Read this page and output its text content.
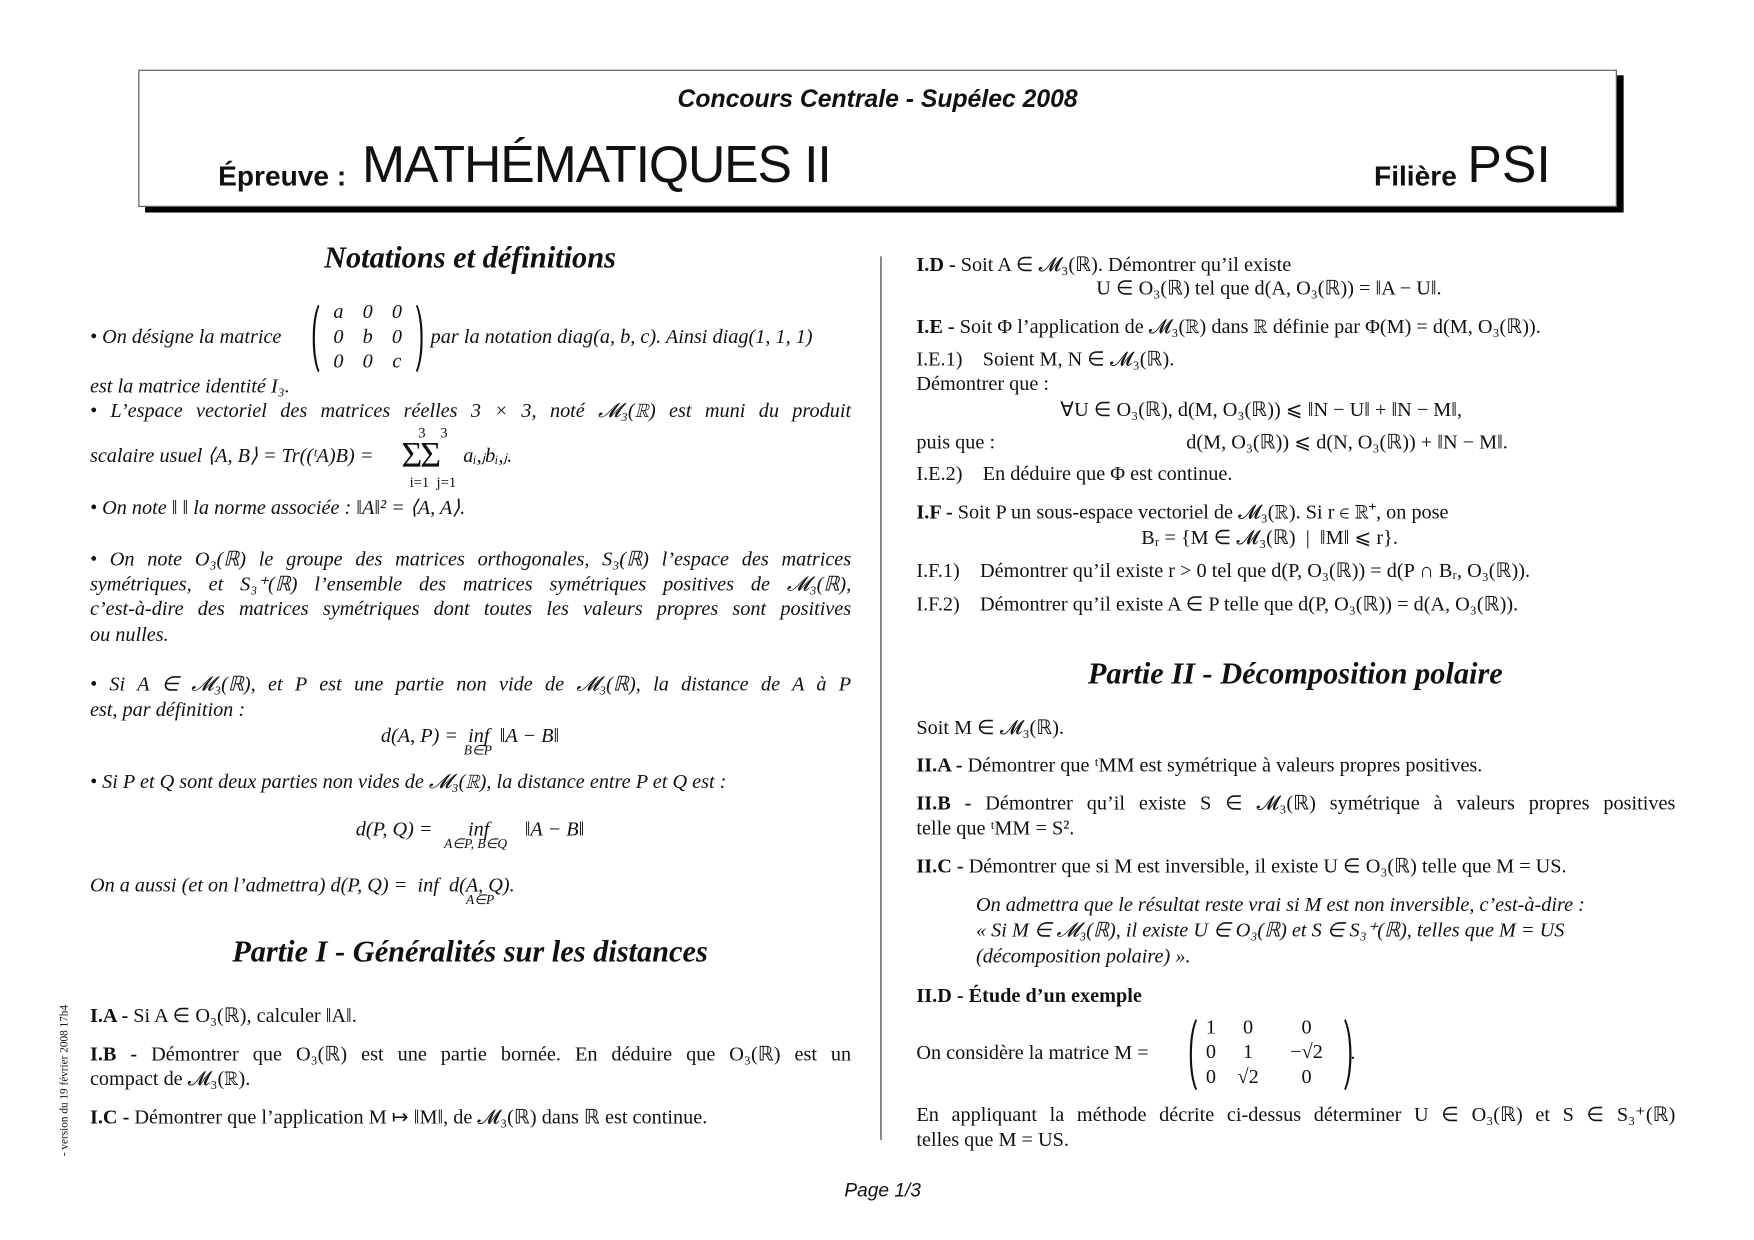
Concours Centrale - Supélec 2008
Épreuve : MATHÉMATIQUES II	Filière PSI
Notations et définitions
• On désigne la matrice
a	0	0
0	b	0
0	0	c
par la notation diag(a, b, c). Ainsi diag(1, 1, 1)
est la matrice identité I₃.
• L’espace vectoriel des matrices réelles 3 × 3, noté 𝓜₃(ℝ) est muni du produit
scalaire usuel ⟨A, B⟩ = Tr((ᵗA)B) =
3    3
ΣΣ
i=1  j=1
aᵢ,ⱼbᵢ,ⱼ.
• On note ‖ ‖ la norme associée : ‖A‖² = ⟨A, A⟩.
• On note O₃(ℝ) le groupe des matrices orthogonales, S₃(ℝ) l’espace des matrices
symétriques, et S₃⁺(ℝ) l’ensemble des matrices symétriques positives de 𝓜₃(ℝ),
c’est-à-dire des matrices symétriques dont toutes les valeurs propres sont positives
ou nulles.
• Si A ∈ 𝓜₃(ℝ), et P est une partie non vide de 𝓜₃(ℝ), la distance de A à P
est, par définition :
d(A, P) =  inf  ‖A − B‖
B∈P
• Si P et Q sont deux parties non vides de 𝓜₃(ℝ), la distance entre P et Q est :
d(P, Q) =       inf       ‖A − B‖
A∈P, B∈Q
On a aussi (et on l’admettra) d(P, Q) =  inf  d(A, Q).
A∈P
Partie I - Généralités sur les distances
I.A - Si A ∈ O₃(ℝ), calculer ‖A‖.
I.B - Démontrer que O₃(ℝ) est une partie bornée. En déduire que O₃(ℝ) est un
compact de 𝓜₃(ℝ).
I.C - Démontrer que l’application M ↦ ‖M‖, de 𝓜₃(ℝ) dans ℝ est continue.
- version du 19 février 2008 17h4
I.D - Soit A ∈ 𝓜₃(ℝ). Démontrer qu’il existe
U ∈ O₃(ℝ) tel que d(A, O₃(ℝ)) = ‖A − U‖.
I.E - Soit Φ l’application de 𝓜₃(ℝ) dans ℝ définie par Φ(M) = d(M, O₃(ℝ)).
I.E.1)    Soient M, N ∈ 𝓜₃(ℝ).
Démontrer que :
∀U ∈ O₃(ℝ), d(M, O₃(ℝ)) ⩽ ‖N − U‖ + ‖N − M‖,
puis que :	d(M, O₃(ℝ)) ⩽ d(N, O₃(ℝ)) + ‖N − M‖.
I.E.2)    En déduire que Φ est continue.
I.F - Soit P un sous-espace vectoriel de 𝓜₃(ℝ). Si r ∈ ℝ⁺, on pose
Bᵣ = {M ∈ 𝓜₃(ℝ)  |  ‖M‖ ⩽ r}.
I.F.1)    Démontrer qu’il existe r > 0 tel que d(P, O₃(ℝ)) = d(P ∩ Bᵣ, O₃(ℝ)).
I.F.2)    Démontrer qu’il existe A ∈ P telle que d(P, O₃(ℝ)) = d(A, O₃(ℝ)).
Partie II - Décomposition polaire
Soit M ∈ 𝓜₃(ℝ).
II.A - Démontrer que ᵗMM est symétrique à valeurs propres positives.
II.B - Démontrer qu’il existe S ∈ 𝓜₃(ℝ) symétrique à valeurs propres positives
telle que ᵗMM = S².
II.C - Démontrer que si M est inversible, il existe U ∈ O₃(ℝ) telle que M = US.
On admettra que le résultat reste vrai si M est non inversible, c’est-à-dire :
« Si M ∈ 𝓜₃(ℝ), il existe U ∈ O₃(ℝ) et S ∈ S₃⁺(ℝ), telles que M = US
(décomposition polaire) ».
II.D - Étude d’un exemple
On considère la matrice M =
1	0	0
0	1	−√2
0	√2	0
.
En appliquant la méthode décrite ci-dessus déterminer U ∈ O₃(ℝ) et S ∈ S₃⁺(ℝ)
telles que M = US.
Page 1/3
